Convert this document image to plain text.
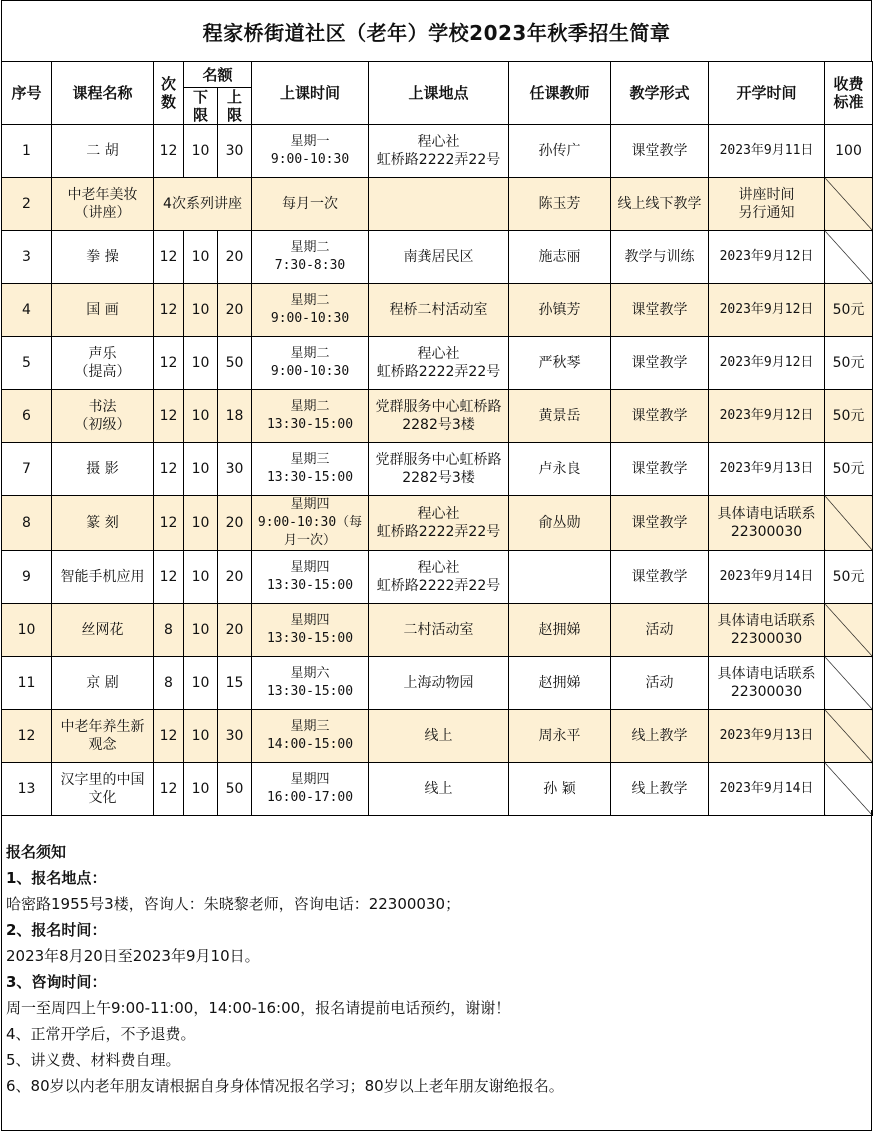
程家桥街道社区（老年）学校2023年秋季招生简章
序号	课程名称	次数	名额		上课时间	上课地点	任课教师	教学形式	开学时间	收费标准
			下限	上限						
1	二 胡	12	10	30	星期一
9:00-10:30	程心社
虹桥路2222弄22号	孙传广	课堂教学	2023年9月11日	100
2	中老年美妆
（讲座）	4次系列讲座			每月一次		陈玉芳	线上线下教学	讲座时间
另行通知	
3	拳 操	12	10	20	星期二
7:30-8:30	南龚居民区	施志丽	教学与训练	2023年9月12日	
4	国 画	12	10	20	星期二
9:00-10:30	程桥二村活动室	孙镇芳	课堂教学	2023年9月12日	50元
5	声乐
（提高）	12	10	50	星期二
9:00-10:30	程心社
虹桥路2222弄22号	严秋琴	课堂教学	2023年9月12日	50元
6	书法
（初级）	12	10	18	星期二
13:30-15:00	党群服务中心虹桥路2282号3楼	黄景岳	课堂教学	2023年9月12日	50元
7	摄 影	12	10	30	星期三
13:30-15:00	党群服务中心虹桥路2282号3楼	卢永良	课堂教学	2023年9月13日	50元
8	篆 刻	12	10	20	星期四
9:00-10:30（每月一次）	程心社
虹桥路2222弄22号	俞丛勋	课堂教学	具体请电话联系22300030	
9	智能手机应用	12	10	20	星期四
13:30-15:00	程心社
虹桥路2222弄22号		课堂教学	2023年9月14日	50元
10	丝网花	8	10	20	星期四
13:30-15:00	二村活动室	赵拥娣	活动	具体请电话联系22300030	
11	京 剧	8	10	15	星期六
13:30-15:00	上海动物园	赵拥娣	活动	具体请电话联系22300030	
12	中老年养生新观念	12	10	30	星期三
14:00-15:00	线上	周永平	线上教学	2023年9月13日	
13	汉字里的中国文化	12	10	50	星期四
16:00-17:00	线上	孙 颖	线上教学	2023年9月14日	
报名须知
1、报名地点：
哈密路1955号3楼，咨询人：朱晓黎老师，咨询电话：22300030；
2、报名时间：
2023年8月20日至2023年9月10日。
3、咨询时间：
周一至周四上午9:00-11:00，14:00-16:00，报名请提前电话预约，谢谢！
4、正常开学后，不予退费。
5、讲义费、材料费自理。
6、80岁以内老年朋友请根据自身身体情况报名学习；80岁以上老年朋友谢绝报名。
